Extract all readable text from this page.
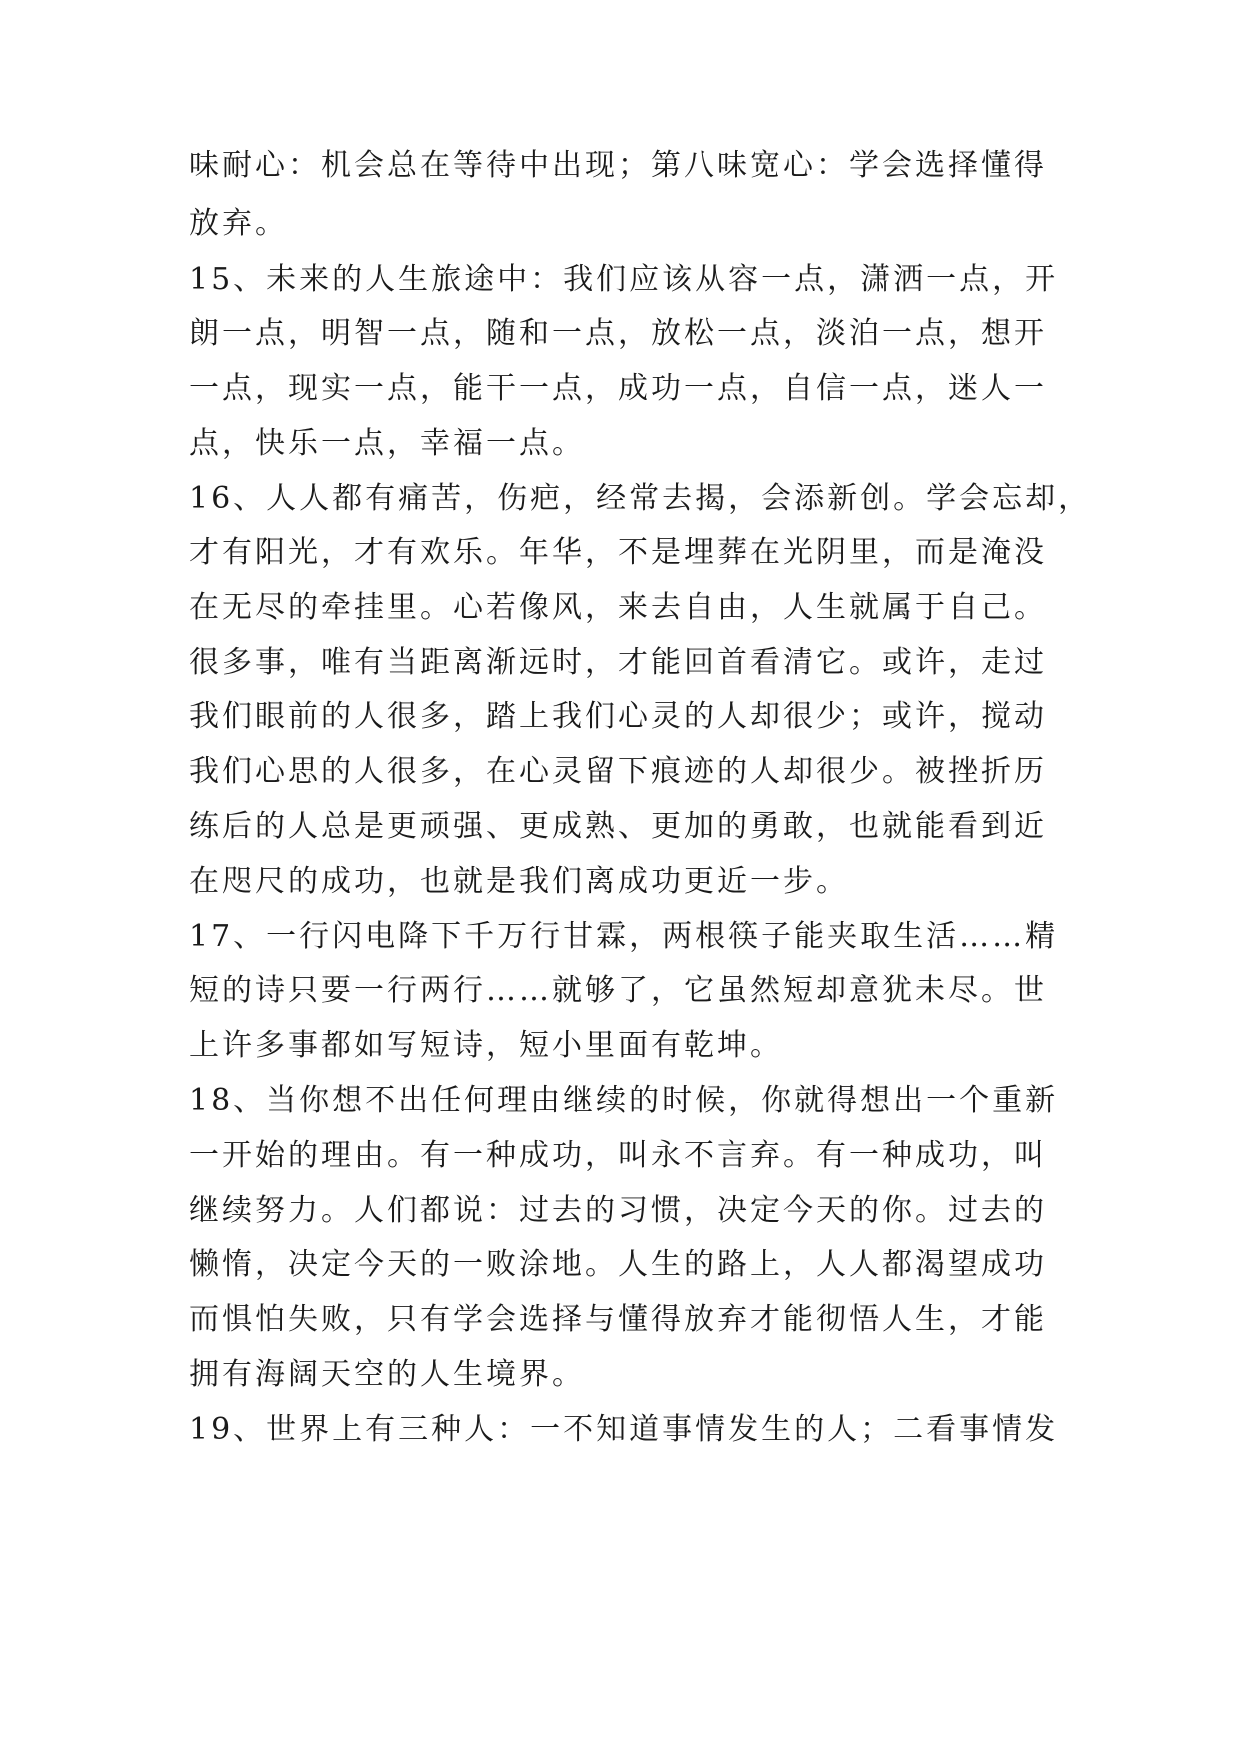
味耐心：机会总在等待中出现；第八味宽心：学会选择懂得
放弃。
15、未来的人生旅途中：我们应该从容一点，潇洒一点，开
朗一点，明智一点，随和一点，放松一点，淡泊一点，想开
一点，现实一点，能干一点，成功一点，自信一点，迷人一
点，快乐一点，幸福一点。
16、人人都有痛苦，伤疤，经常去揭，会添新创。学会忘却，
才有阳光，才有欢乐。年华，不是埋葬在光阴里，而是淹没
在无尽的牵挂里。心若像风，来去自由，人生就属于自己。
很多事，唯有当距离渐远时，才能回首看清它。或许，走过
我们眼前的人很多，踏上我们心灵的人却很少；或许，搅动
我们心思的人很多，在心灵留下痕迹的人却很少。被挫折历
练后的人总是更顽强、更成熟、更加的勇敢，也就能看到近
在咫尺的成功，也就是我们离成功更近一步。
17、一行闪电降下千万行甘霖，两根筷子能夹取生活……精
短的诗只要一行两行……就够了，它虽然短却意犹未尽。世
上许多事都如写短诗，短小里面有乾坤。
18、当你想不出任何理由继续的时候，你就得想出一个重新
一开始的理由。有一种成功，叫永不言弃。有一种成功，叫
继续努力。人们都说：过去的习惯，决定今天的你。过去的
懒惰，决定今天的一败涂地。人生的路上，人人都渴望成功
而惧怕失败，只有学会选择与懂得放弃才能彻悟人生，才能
拥有海阔天空的人生境界。
19、世界上有三种人：一不知道事情发生的人；二看事情发
